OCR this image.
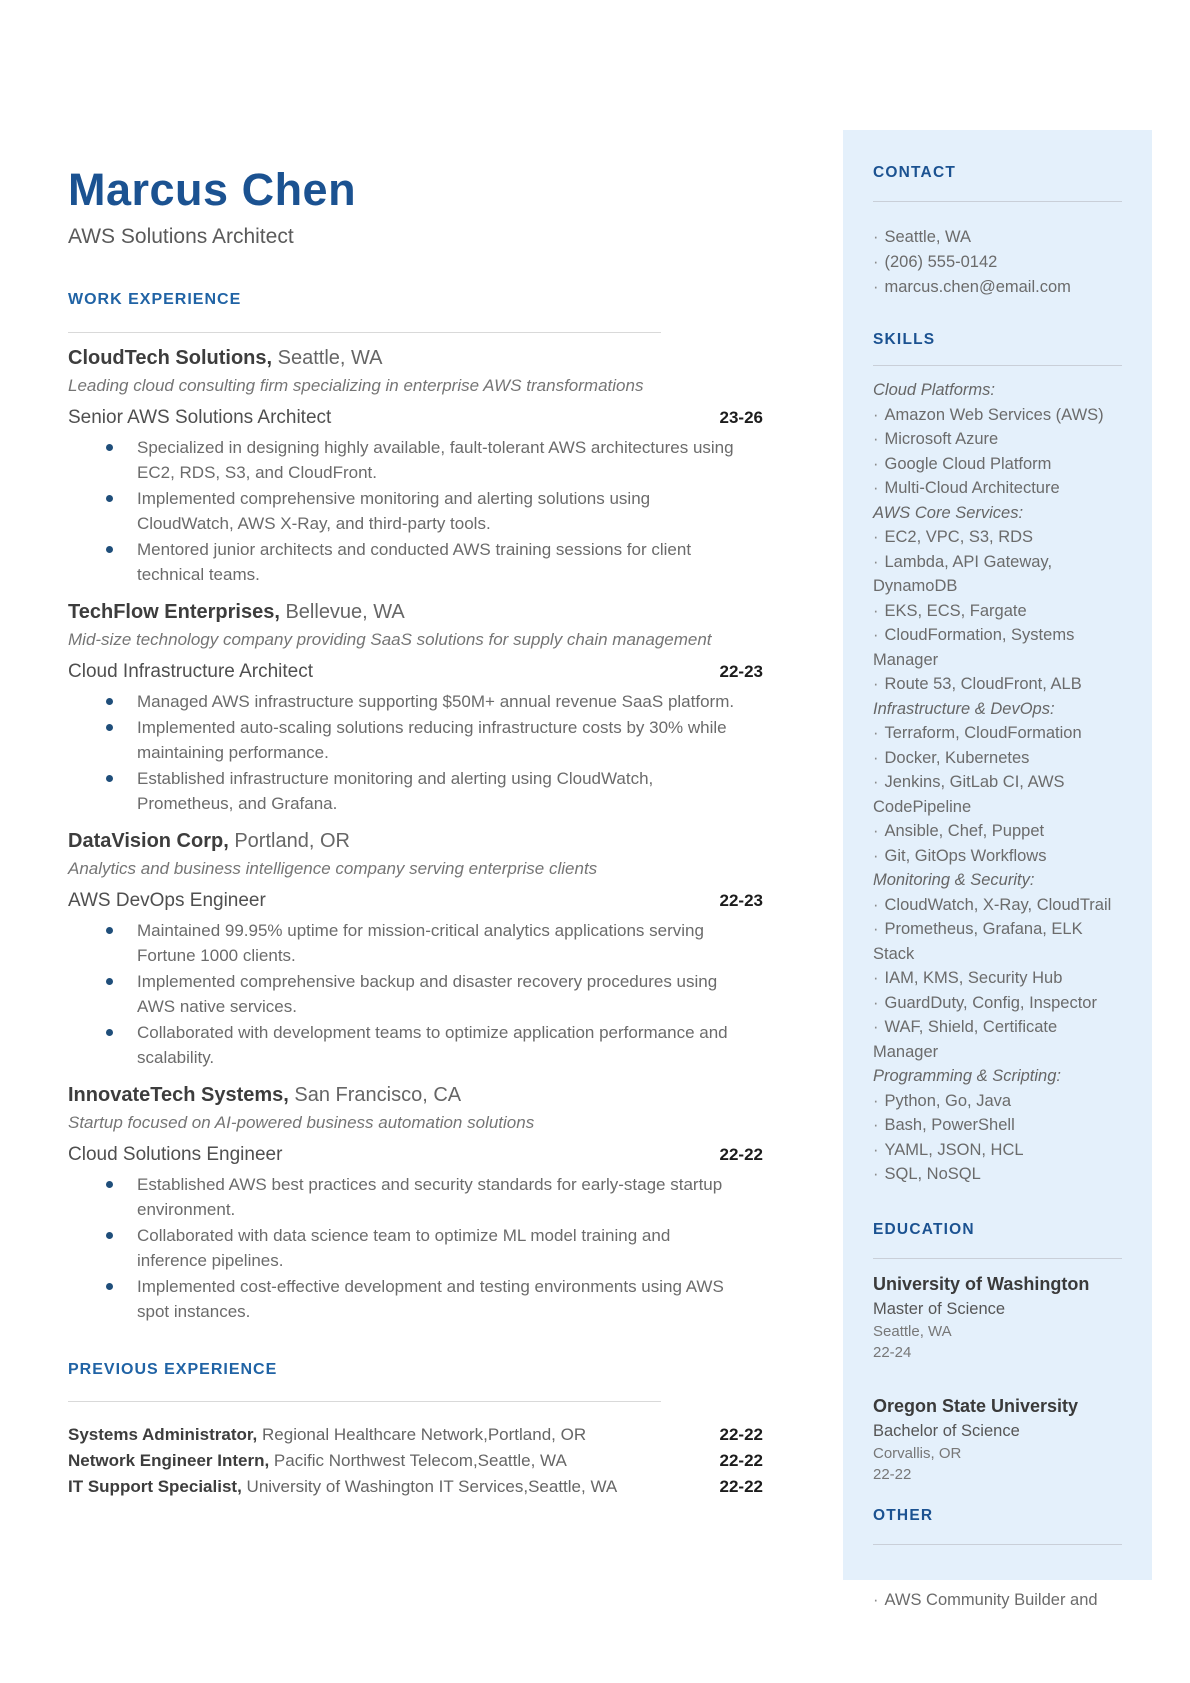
Marcus Chen
AWS Solutions Architect
WORK EXPERIENCE
CloudTech Solutions, Seattle, WA
Leading cloud consulting firm specializing in enterprise AWS transformations
Senior AWS Solutions Architect	23-26
Specialized in designing highly available, fault-tolerant AWS architectures using EC2, RDS, S3, and CloudFront.
Implemented comprehensive monitoring and alerting solutions using CloudWatch, AWS X-Ray, and third-party tools.
Mentored junior architects and conducted AWS training sessions for client technical teams.
TechFlow Enterprises, Bellevue, WA
Mid-size technology company providing SaaS solutions for supply chain management
Cloud Infrastructure Architect	22-23
Managed AWS infrastructure supporting $50M+ annual revenue SaaS platform.
Implemented auto-scaling solutions reducing infrastructure costs by 30% while maintaining performance.
Established infrastructure monitoring and alerting using CloudWatch, Prometheus, and Grafana.
DataVision Corp, Portland, OR
Analytics and business intelligence company serving enterprise clients
AWS DevOps Engineer	22-23
Maintained 99.95% uptime for mission-critical analytics applications serving Fortune 1000 clients.
Implemented comprehensive backup and disaster recovery procedures using AWS native services.
Collaborated with development teams to optimize application performance and scalability.
InnovateTech Systems, San Francisco, CA
Startup focused on AI-powered business automation solutions
Cloud Solutions Engineer	22-22
Established AWS best practices and security standards for early-stage startup environment.
Collaborated with data science team to optimize ML model training and inference pipelines.
Implemented cost-effective development and testing environments using AWS spot instances.
PREVIOUS EXPERIENCE
Systems Administrator, Regional Healthcare Network,Portland, OR	22-22
Network Engineer Intern, Pacific Northwest Telecom,Seattle, WA	22-22
IT Support Specialist, University of Washington IT Services,Seattle, WA	22-22
CONTACT
· Seattle, WA
· (206) 555-0142
· marcus.chen@email.com
SKILLS
Cloud Platforms:
· Amazon Web Services (AWS)
· Microsoft Azure
· Google Cloud Platform
· Multi-Cloud Architecture
AWS Core Services:
· EC2, VPC, S3, RDS
· Lambda, API Gateway, DynamoDB
· EKS, ECS, Fargate
· CloudFormation, Systems Manager
· Route 53, CloudFront, ALB
Infrastructure & DevOps:
· Terraform, CloudFormation
· Docker, Kubernetes
· Jenkins, GitLab CI, AWS CodePipeline
· Ansible, Chef, Puppet
· Git, GitOps Workflows
Monitoring & Security:
· CloudWatch, X-Ray, CloudTrail
· Prometheus, Grafana, ELK Stack
· IAM, KMS, Security Hub
· GuardDuty, Config, Inspector
· WAF, Shield, Certificate Manager
Programming & Scripting:
· Python, Go, Java
· Bash, PowerShell
· YAML, JSON, HCL
· SQL, NoSQL
EDUCATION
University of Washington
Master of Science
Seattle, WA
22-24
Oregon State University
Bachelor of Science
Corvallis, OR
22-22
OTHER
· AWS Community Builder and
